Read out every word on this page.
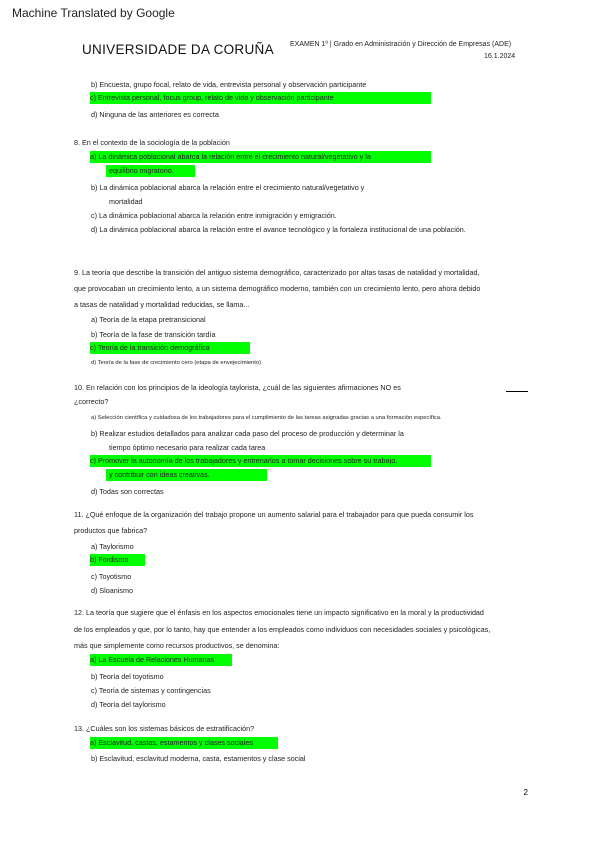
Machine Translated by Google
UNIVERSIDADE DA CORUÑA EXAMEN 1º | Grado en Administración y Dirección de Empresas (ADE)
16.1.2024
b) Encuesta, grupo focal, relato de vida, entrevista personal y observación participante
c) Entrevista personal, focus group, relato de vida y observación participante
d) Ninguna de las anteriores es correcta
8. En el contexto de la sociología de la población
a) La dinámica poblacional abarca la relación entre el crecimiento natural/vegetativo y la
equilibrio migratorio.
b) La dinámica poblacional abarca la relación entre el crecimiento natural/vegetativo y
mortalidad
c) La dinámica poblacional abarca la relación entre inmigración y emigración.
d) La dinámica poblacional abarca la relación entre el avance tecnológico y la fortaleza institucional de una población.
9. La teoría que describe la transición del antiguo sistema demográfico, caracterizado por altas tasas de natalidad y mortalidad,
que provocaban un crecimiento lento, a un sistema demográfico moderno, también con un crecimiento lento, pero ahora debido
a tasas de natalidad y mortalidad reducidas, se llama...
a) Teoría de la etapa pretransicional
b) Teoría de la fase de transición tardía
c) Teoría de la transición demográfica
d) Teoría de la fase de crecimiento cero (etapa de envejecimiento)
10. En relación con los principios de la ideología taylorista, ¿cuál de las siguientes afirmaciones NO es
¿correcto?
a) Selección científica y cuidadosa de los trabajadores para el cumplimiento de las tareas asignadas gracias a una formación específica.
b) Realizar estudios detallados para analizar cada paso del proceso de producción y determinar la
tiempo óptimo necesario para realizar cada tarea
c) Promover la autonomía de los trabajadores y entrenarlos a tomar decisiones sobre su trabajo.
y contribuir con ideas creativas.
d) Todas son correctas
11. ¿Qué enfoque de la organización del trabajo propone un aumento salarial para el trabajador para que pueda consumir los
productos que fabrica?
a) Taylorismo
b) Fordismo
c) Toyotismo
d) Sloanismo
12. La teoría que sugiere que el énfasis en los aspectos emocionales tiene un impacto significativo en la moral y la productividad
de los empleados y que, por lo tanto, hay que entender a los empleados como individuos con necesidades sociales y psicológicas,
más que simplemente como recursos productivos, se denomina:
a) La Escuela de Relaciones Humanas
b) Teoría del toyotismo
c) Teoría de sistemas y contingencias
d) Teoría del taylorismo
13. ¿Cuáles son los sistemas básicos de estratificación?
a) Esclavitud, castas, estamentos y clases sociales
b) Esclavitud, esclavitud moderna, casta, estamentos y clase social
2
